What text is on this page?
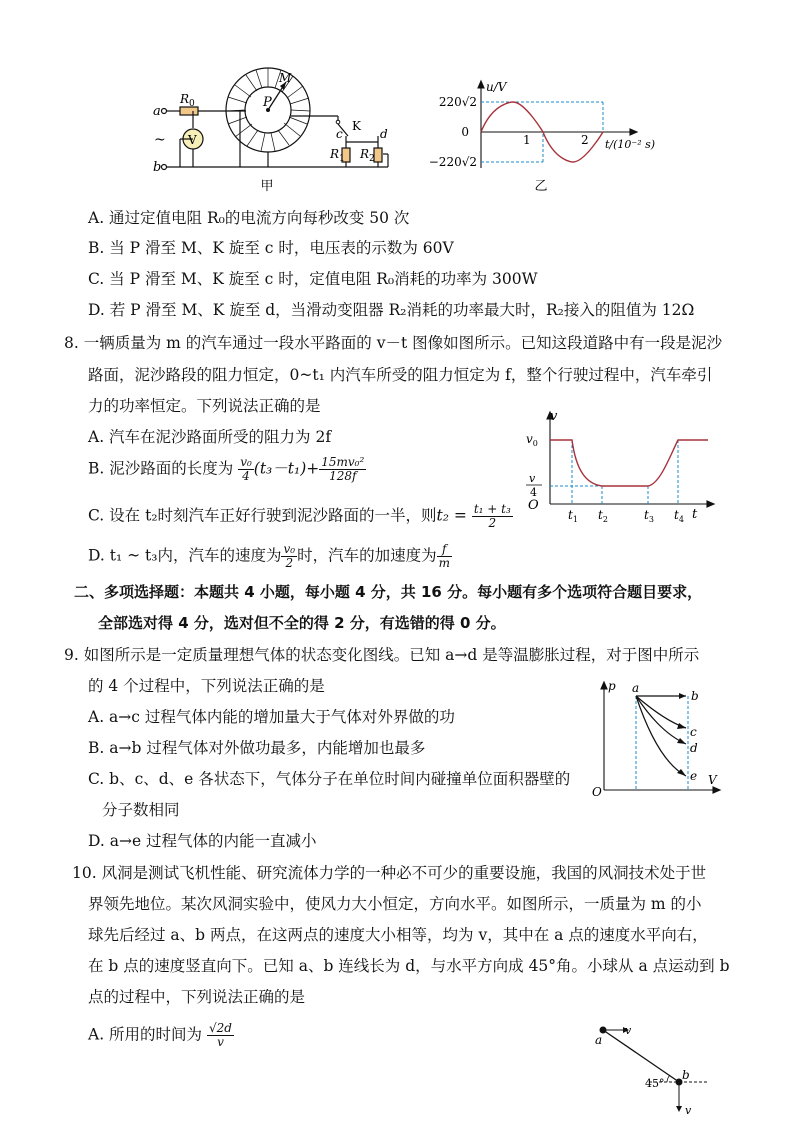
a
b
~
$R_0$
V
M
P
c
K
d
$R_1$ $R_2$
甲
u/V
220√2
0
−220√2
1	2 t/(10⁻² s)
乙
A. 通过定值电阻 R₀的电流方向每秒改变 50 次
B. 当 P 滑至 M、K 旋至 c 时，电压表的示数为 60V
C. 当 P 滑至 M、K 旋至 c 时，定值电阻 R₀消耗的功率为 300W
D. 若 P 滑至 M、K 旋至 d，当滑动变阻器 R₂消耗的功率最大时，R₂接入的阻值为 12Ω
8. 一辆质量为 m 的汽车通过一段水平路面的 v－t 图像如图所示。已知这段道路中有一段是泥沙
路面，泥沙路段的阻力恒定，0~t₁ 内汽车所受的阻力恒定为 f，整个行驶过程中，汽车牵引
力的功率恒定。下列说法正确的是
A. 汽车在泥沙路面所受的阻力为 2f
B. 泥沙路面的长度为 $\frac{\text{v₀}}{4} (t_3-t_1)+ \frac{\text{15mv₀²}}{128f}$
C. 设在 t₂时刻汽车正好行驶到泥沙路面的一半，则$t_2 = \frac{\text{t₁ + t₃}}{2}$
D. t₁ ~ t₃内，汽车的速度为 $\frac{\text{v₀}}{2}$ 时，汽车的加速度为 $\frac{f}{m}$
v
$v_0$
v
4
O
$t_1$ $t_2$	$t_3$ $t_4$ t
二、多项选择题：本题共 4 小题，每小题 4 分，共 16 分。每小题有多个选项符合题目要求，
全部选对得 4 分，选对但不全的得 2 分，有选错的得 0 分。
9. 如图所示是一定质量理想气体的状态变化图线。已知 a→d 是等温膨胀过程，对于图中所示
的 4 个过程中，下列说法正确的是
A. a→c 过程气体内能的增加量大于气体对外界做的功
B. a→b 过程气体对外做功最多，内能增加也最多
C. b、c、d、e 各状态下，气体分子在单位时间内碰撞单位面积器壁的
分子数相同
D. a→e 过程气体的内能一直减小
p
V
O
a
b
c
d
e
10. 风洞是测试飞机性能、研究流体力学的一种必不可少的重要设施，我国的风洞技术处于世
界领先地位。某次风洞实验中，使风力大小恒定，方向水平。如图所示，一质量为 m 的小
球先后经过 a、b 两点，在这两点的速度大小相等，均为 v，其中在 a 点的速度水平向右，
在 b 点的速度竖直向下。已知 a、b 连线长为 d，与水平方向成 45°角。小球从 a 点运动到 b
点的过程中，下列说法正确的是
A. 所用的时间为 $\frac{√2d}{v}$	v
a
45°
b
v
